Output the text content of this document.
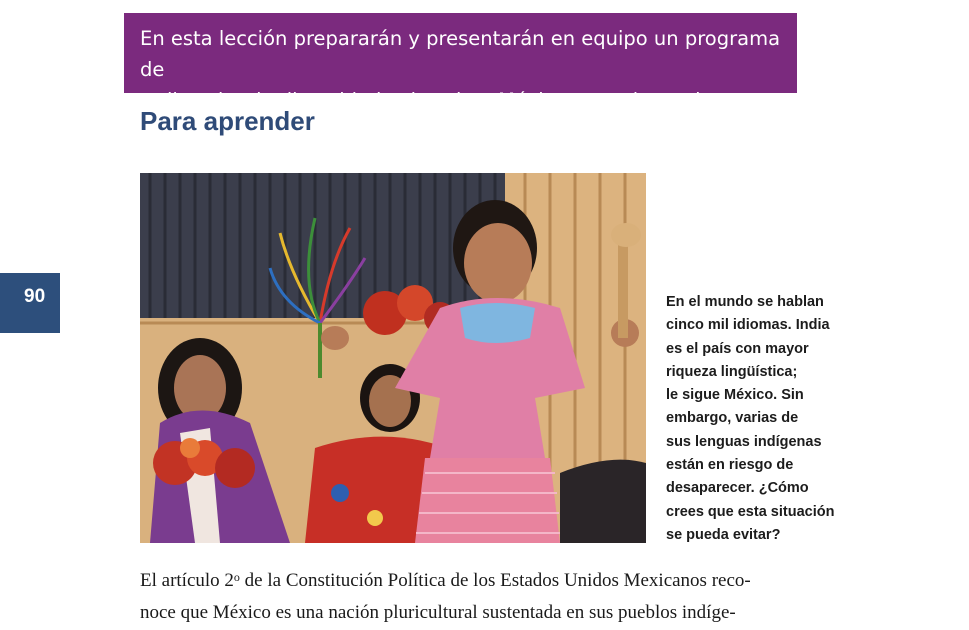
En esta lección prepararán y presentarán en equipo un programa de

radio sobre la diversidad cultural en México y en el mundo.

Para aprender
90	En el mundo se hablan
cinco mil idiomas. India
es el país con mayor
riqueza lingüística;
le sigue México. Sin
embargo, varias de
sus lenguas indígenas
están en riesgo de
desaparecer. ¿Cómo
crees que esta situación
se pueda evitar?
El artículo 2$^o$ de la Constitución Política de los Estados Unidos Mexicanos reco-
noce que México es una nación pluricultural sustentada en sus pueblos indíge-
